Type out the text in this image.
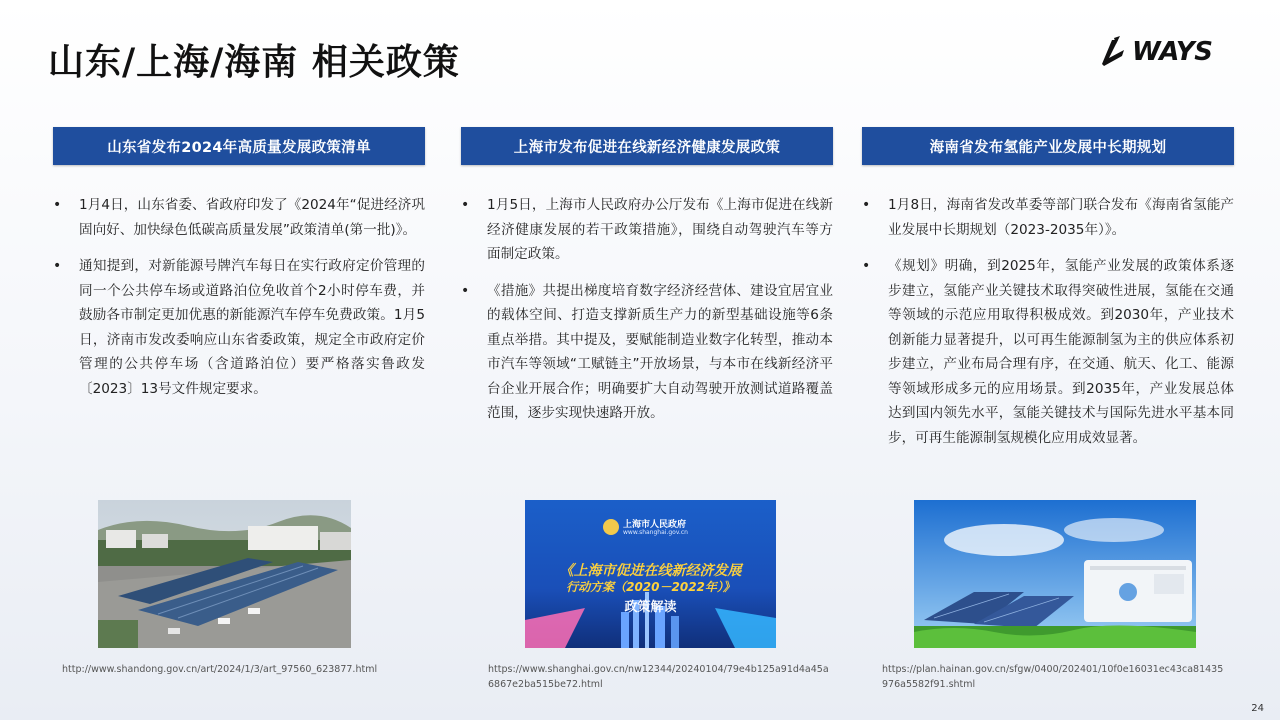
山东/上海/海南 相关政策	WAYS
山东省发布2024年高质量发展政策清单
• 1月4日，山东省委、省政府印发了《2024年“促进经济巩固向好、加快绿色低碳高质量发展”政策清单(第一批)》。
• 通知提到，对新能源号牌汽车每日在实行政府定价管理的同一个公共停车场或道路泊位免收首个2小时停车费，并鼓励各市制定更加优惠的新能源汽车停车免费政策。1月5日，济南市发改委响应山东省委政策，规定全市政府定价管理的公共停车场（含道路泊位）要严格落实鲁政发〔2023〕13号文件规定要求。
http://www.shandong.gov.cn/art/2024/1/3/art_97560_623877.html
上海市发布促进在线新经济健康发展政策
• 1月5日，上海市人民政府办公厅发布《上海市促进在线新经济健康发展的若干政策措施》，围绕自动驾驶汽车等方面制定政策。
• 《措施》共提出梯度培育数字经济经营体、建设宜居宜业的载体空间、打造支撑新质生产力的新型基础设施等6条重点举措。其中提及，要赋能制造业数字化转型，推动本市汽车等领域“工赋链主”开放场景，与本市在线新经济平台企业开展合作；明确要扩大自动驾驶开放测试道路覆盖范围，逐步实现快速路开放。
上海市人民政府
www.shanghai.gov.cn
《上海市促进在线新经济发展
行动方案（2020－2022年）》
政策解读
https://www.shanghai.gov.cn/nw12344/20240104/79e4b125a91d4a45a6867e2ba515be72.html
海南省发布氢能产业发展中长期规划
• 1月8日，海南省发改革委等部门联合发布《海南省氢能产业发展中长期规划（2023-2035年）》。
• 《规划》明确，到2025年，氢能产业发展的政策体系逐步建立，氢能产业关键技术取得突破性进展，氢能在交通等领域的示范应用取得积极成效。到2030年，产业技术创新能力显著提升，以可再生能源制氢为主的供应体系初步建立，产业布局合理有序，在交通、航天、化工、能源等领域形成多元的应用场景。到2035年，产业发展总体达到国内领先水平，氢能关键技术与国际先进水平基本同步，可再生能源制氢规模化应用成效显著。
https://plan.hainan.gov.cn/sfgw/0400/202401/10f0e16031ec43ca81435976a5582f91.shtml
24
